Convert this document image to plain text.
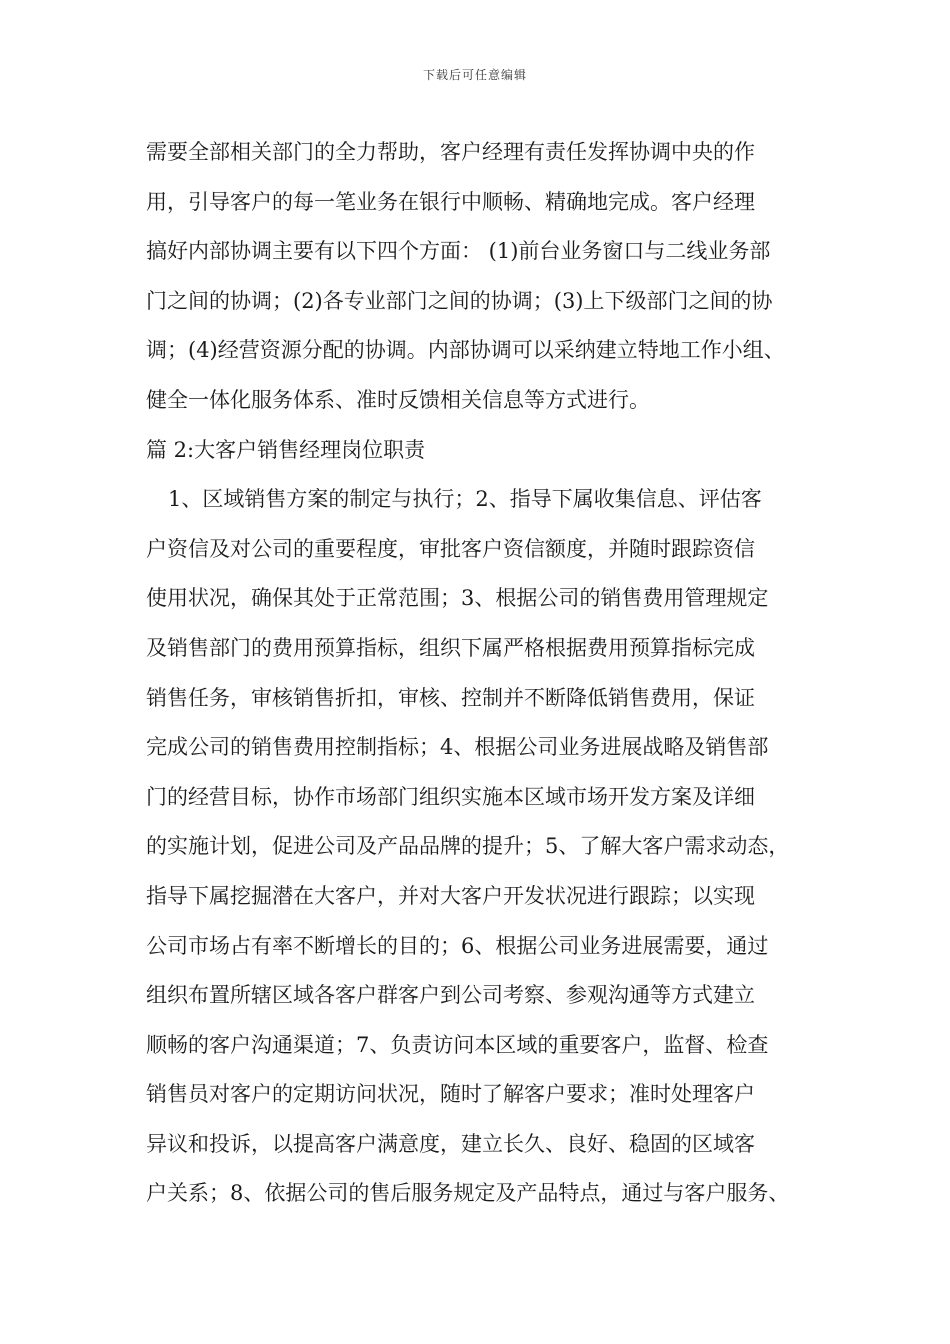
下载后可任意编辑
需要全部相关部门的全力帮助，客户经理有责任发挥协调中央的作
用，引导客户的每一笔业务在银行中顺畅、精确地完成。客户经理
搞好内部协调主要有以下四个方面： (1)前台业务窗口与二线业务部
门之间的协调；(2)各专业部门之间的协调；(3)上下级部门之间的协
调；(4)经营资源分配的协调。内部协调可以采纳建立特地工作小组、
健全一体化服务体系、准时反馈相关信息等方式进行。
篇 2:大客户销售经理岗位职责
1、区域销售方案的制定与执行；2、指导下属收集信息、评估客
户资信及对公司的重要程度，审批客户资信额度，并随时跟踪资信
使用状况，确保其处于正常范围；3、根据公司的销售费用管理规定
及销售部门的费用预算指标，组织下属严格根据费用预算指标完成
销售任务，审核销售折扣，审核、控制并不断降低销售费用，保证
完成公司的销售费用控制指标；4、根据公司业务进展战略及销售部
门的经营目标，协作市场部门组织实施本区域市场开发方案及详细
的实施计划，促进公司及产品品牌的提升；5、了解大客户需求动态，
指导下属挖掘潜在大客户，并对大客户开发状况进行跟踪；以实现
公司市场占有率不断增长的目的；6、根据公司业务进展需要，通过
组织布置所辖区域各客户群客户到公司考察、参观沟通等方式建立
顺畅的客户沟通渠道；7、负责访问本区域的重要客户，监督、检查
销售员对客户的定期访问状况，随时了解客户要求；准时处理客户
异议和投诉，以提高客户满意度，建立长久、良好、稳固的区域客
户关系；8、依据公司的售后服务规定及产品特点，通过与客户服务、
